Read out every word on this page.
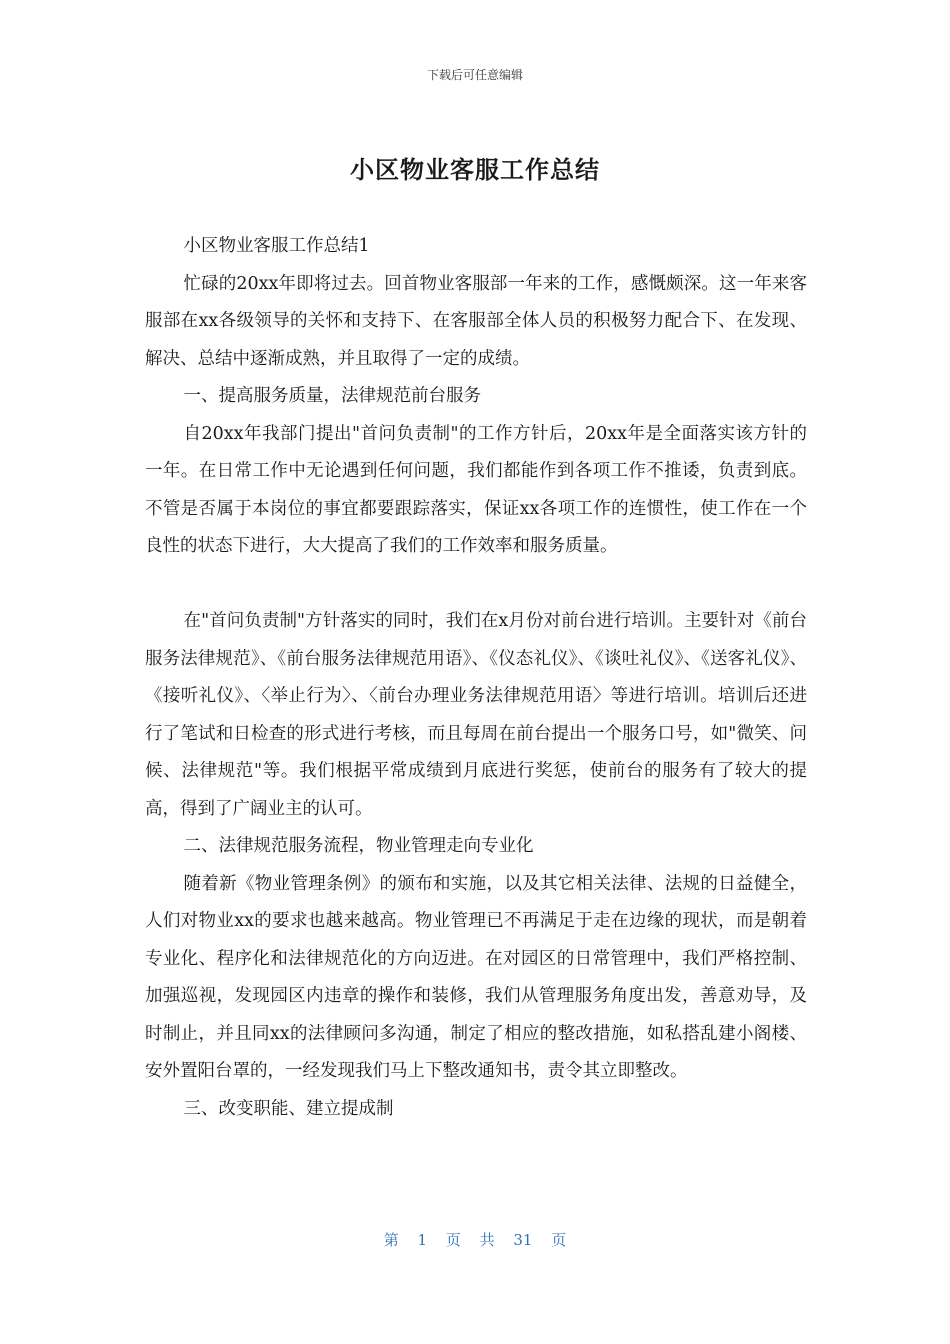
下载后可任意编辑
小区物业客服工作总结

小区物业客服工作总结1

忙碌的20xx年即将过去。回首物业客服部一年来的工作，感慨颇深。这一年来客服部在xx各级领导的关怀和支持下、在客服部全体人员的积极努力配合下、在发现、解决、总结中逐渐成熟，并且取得了一定的成绩。

一、提高服务质量，法律规范前台服务

自20xx年我部门提出"首问负责制"的工作方针后，20xx年是全面落实该方针的一年。在日常工作中无论遇到任何问题，我们都能作到各项工作不推诿，负责到底。不管是否属于本岗位的事宜都要跟踪落实，保证xx各项工作的连惯性，使工作在一个良性的状态下进行，大大提高了我们的工作效率和服务质量。

在"首问负责制"方针落实的同时，我们在x月份对前台进行培训。主要针对《前台服务法律规范》、《前台服务法律规范用语》、《仪态礼仪》、《谈吐礼仪》、《送客礼仪》、《接听礼仪》、〈举止行为〉、〈前台办理业务法律规范用语〉等进行培训。培训后还进行了笔试和日检查的形式进行考核，而且每周在前台提出一个服务口号，如"微笑、问候、法律规范"等。我们根据平常成绩到月底进行奖惩，使前台的服务有了较大的提高，得到了广阔业主的认可。

二、法律规范服务流程，物业管理走向专业化

随着新《物业管理条例》的颁布和实施，以及其它相关法律、法规的日益健全，人们对物业xx的要求也越来越高。物业管理已不再满足于走在边缘的现状，而是朝着专业化、程序化和法律规范化的方向迈进。在对园区的日常管理中，我们严格控制、加强巡视，发现园区内违章的操作和装修，我们从管理服务角度出发，善意劝导，及时制止，并且同xx的法律顾问多沟通，制定了相应的整改措施，如私搭乱建小阁楼、安外置阳台罩的，一经发现我们马上下整改通知书，责令其立即整改。

三、改变职能、建立提成制

第 1 页 共 31 页
